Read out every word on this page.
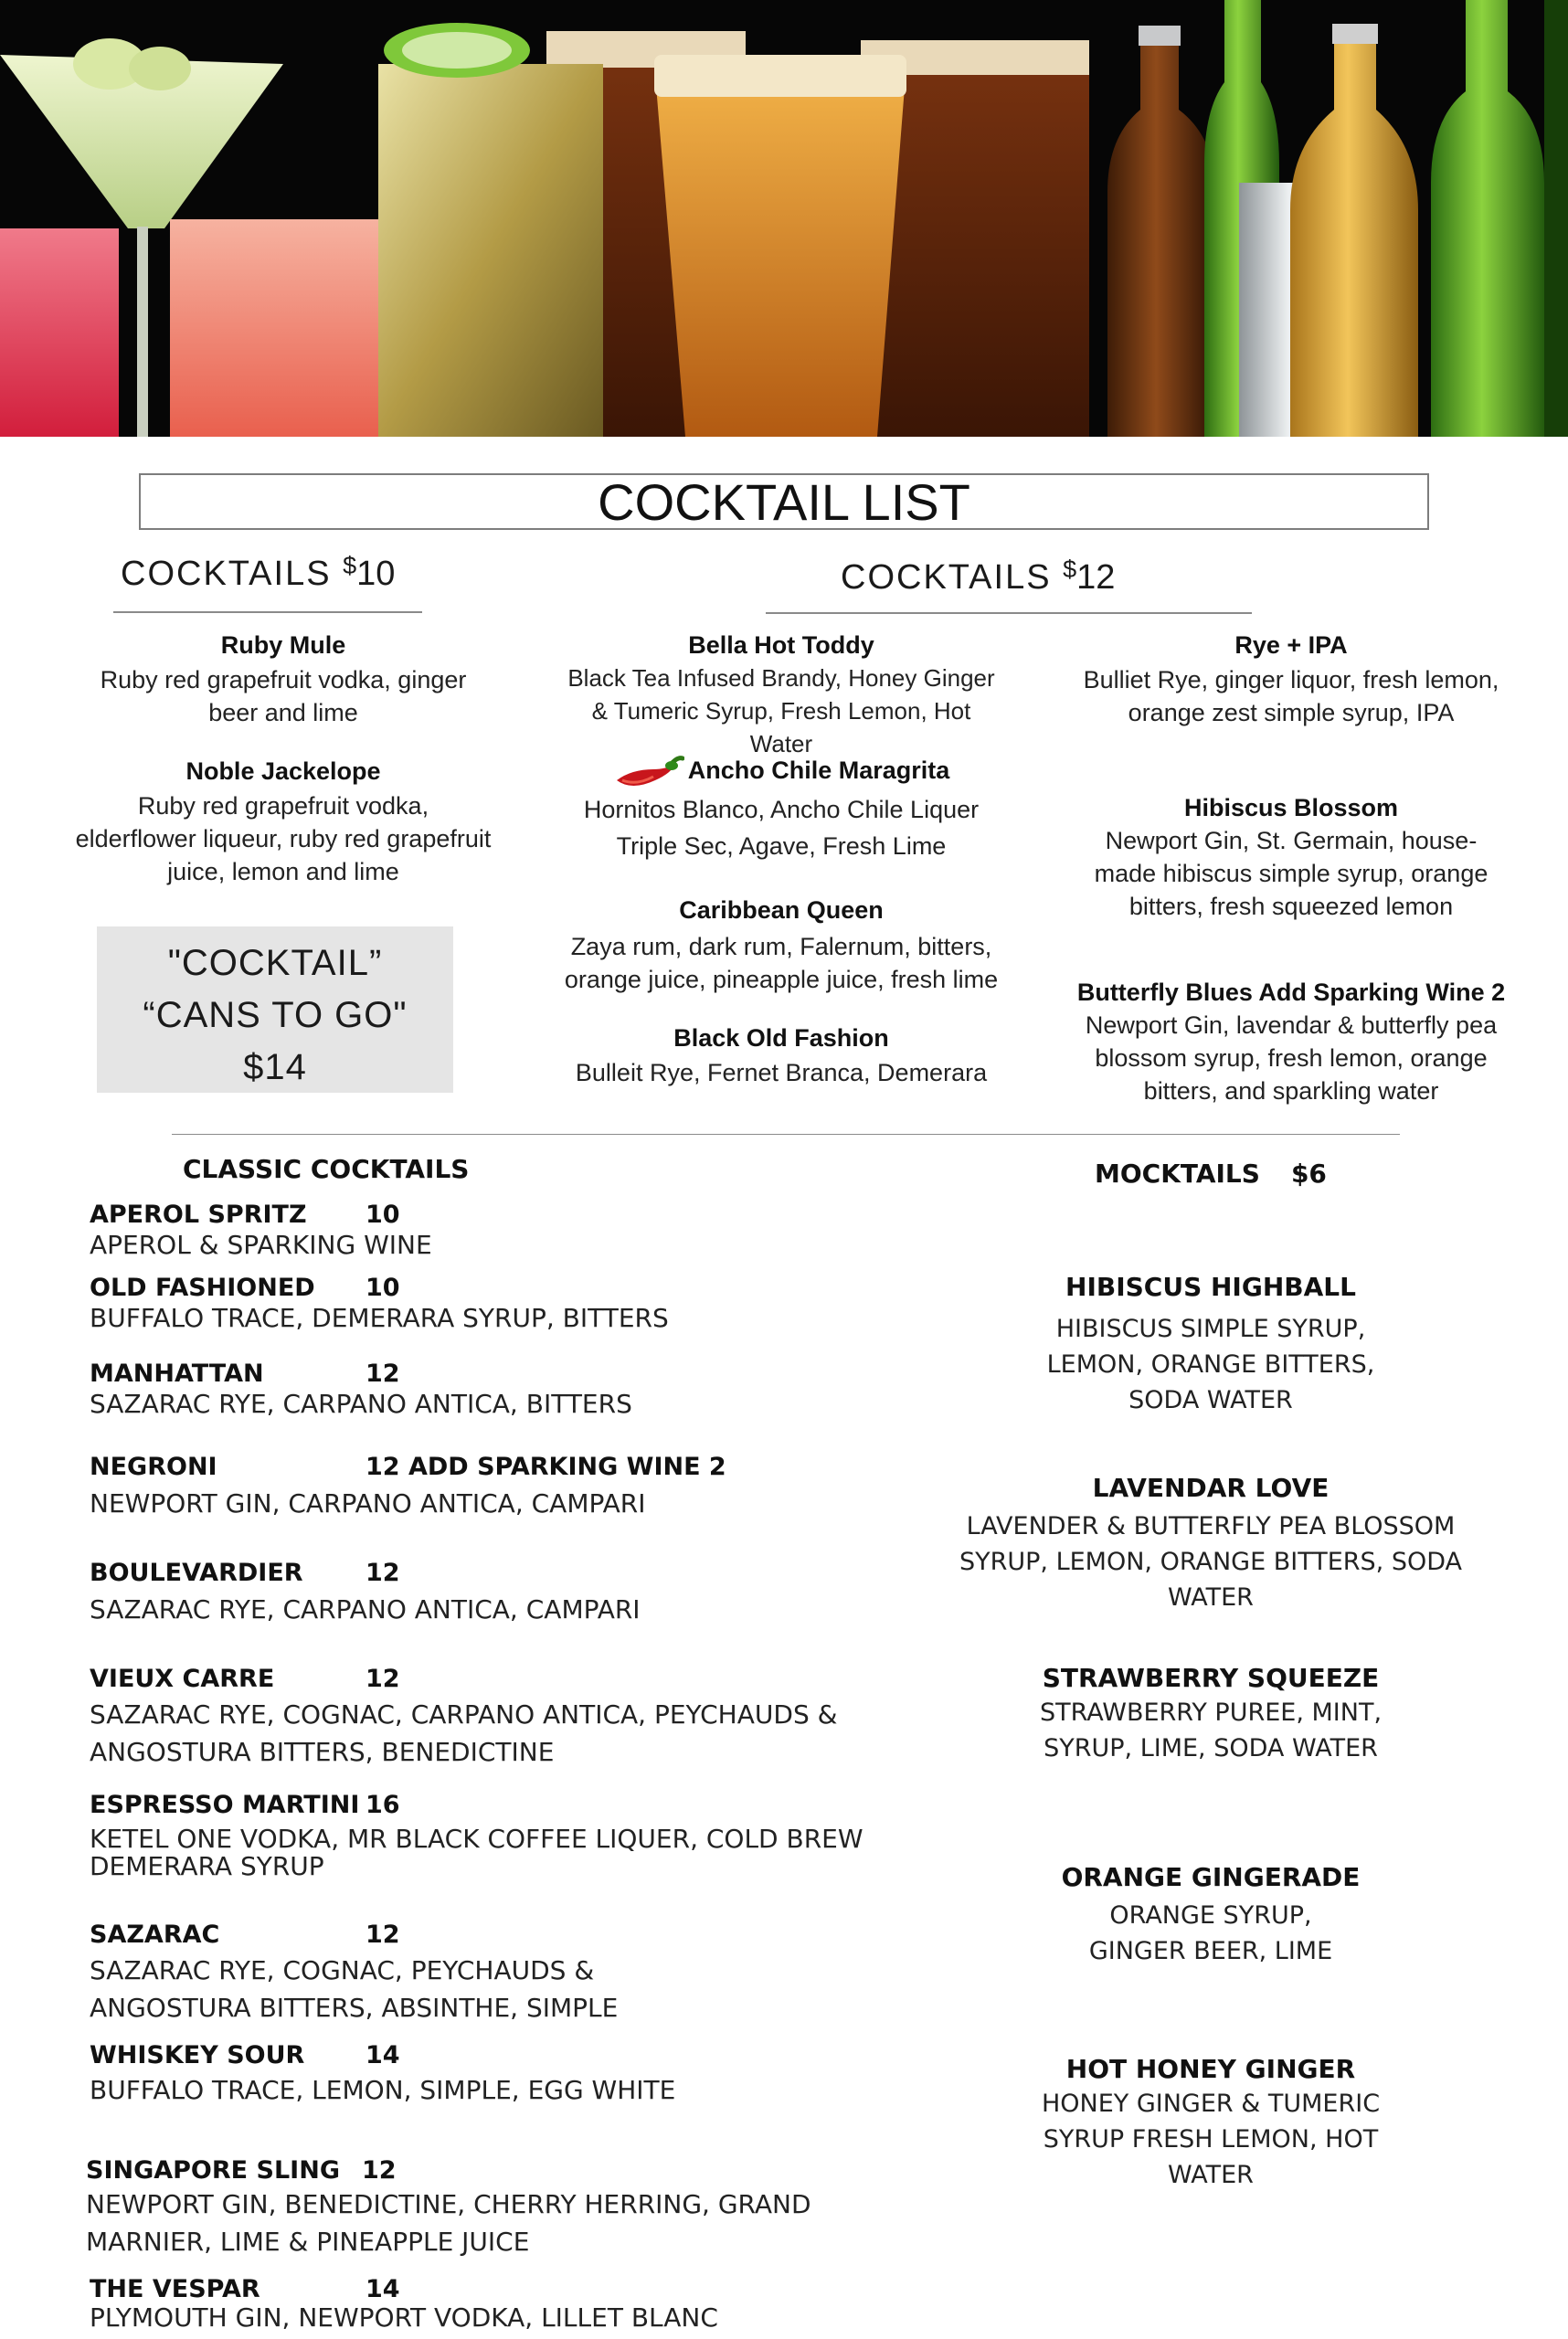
COCKTAIL LIST
COCKTAILS $10
Ruby Mule
Ruby red grapefruit vodka, ginger beer and lime
Noble Jackelope
Ruby red grapefruit vodka, elderflower liqueur, ruby red grapefruit juice, lemon and lime
"COCKTAIL”
“CANS TO GO"
$14
COCKTAILS $12
Bella Hot Toddy
Black Tea Infused Brandy, Honey Ginger & Tumeric Syrup, Fresh Lemon, Hot Water
Ancho Chile Maragrita
Hornitos Blanco, Ancho Chile Liquer Triple Sec, Agave, Fresh Lime
Caribbean Queen
Zaya rum, dark rum, Falernum, bitters, orange juice, pineapple juice, fresh lime
Black Old Fashion
Bulleit Rye, Fernet Branca, Demerara
Rye + IPA
Bulliet Rye, ginger liquor, fresh lemon, orange zest simple syrup, IPA
Hibiscus Blossom
Newport Gin, St. Germain, house-made hibiscus simple syrup, orange bitters, fresh squeezed lemon
Butterfly Blues Add Sparking Wine 2
Newport Gin, lavendar & butterfly pea blossom syrup, fresh lemon, orange bitters, and sparkling water
CLASSIC COCKTAILS
APEROL SPRITZ 10
APEROL & SPARKING WINE
OLD FASHIONED 10
BUFFALO TRACE, DEMERARA SYRUP, BITTERS
MANHATTAN	12
SAZARAC RYE, CARPANO ANTICA, BITTERS
NEGRONI	12 ADD SPARKING WINE 2
NEWPORT GIN, CARPANO ANTICA, CAMPARI
BOULEVARDIER	12
SAZARAC RYE, CARPANO ANTICA, CAMPARI
VIEUX CARRE	12
SAZARAC RYE, COGNAC, CARPANO ANTICA, PEYCHAUDS & ANGOSTURA BITTERS, BENEDICTINE
ESPRESSO MARTINI 16
KETEL ONE VODKA, MR BLACK COFFEE LIQUER, COLD BREW DEMERARA SYRUP
SAZARAC	12
SAZARAC RYE, COGNAC, PEYCHAUDS & ANGOSTURA BITTERS, ABSINTHE, SIMPLE
WHISKEY SOUR 14
BUFFALO TRACE, LEMON, SIMPLE, EGG WHITE
SINGAPORE SLING 12
NEWPORT GIN, BENEDICTINE, CHERRY HERRING, GRAND MARNIER, LIME & PINEAPPLE JUICE
THE VESPAR	14
PLYMOUTH GIN, NEWPORT VODKA, LILLET BLANC
MOCKTAILS $6
HIBISCUS HIGHBALL
HIBISCUS SIMPLE SYRUP, LEMON, ORANGE BITTERS, SODA WATER
LAVENDAR LOVE
LAVENDER & BUTTERFLY PEA BLOSSOM SYRUP, LEMON, ORANGE BITTERS, SODA WATER
STRAWBERRY SQUEEZE
STRAWBERRY PUREE, MINT, SYRUP, LIME, SODA WATER
ORANGE GINGERADE
ORANGE SYRUP, GINGER BEER, LIME
HOT HONEY GINGER
HONEY GINGER & TUMERIC SYRUP FRESH LEMON, HOT WATER
